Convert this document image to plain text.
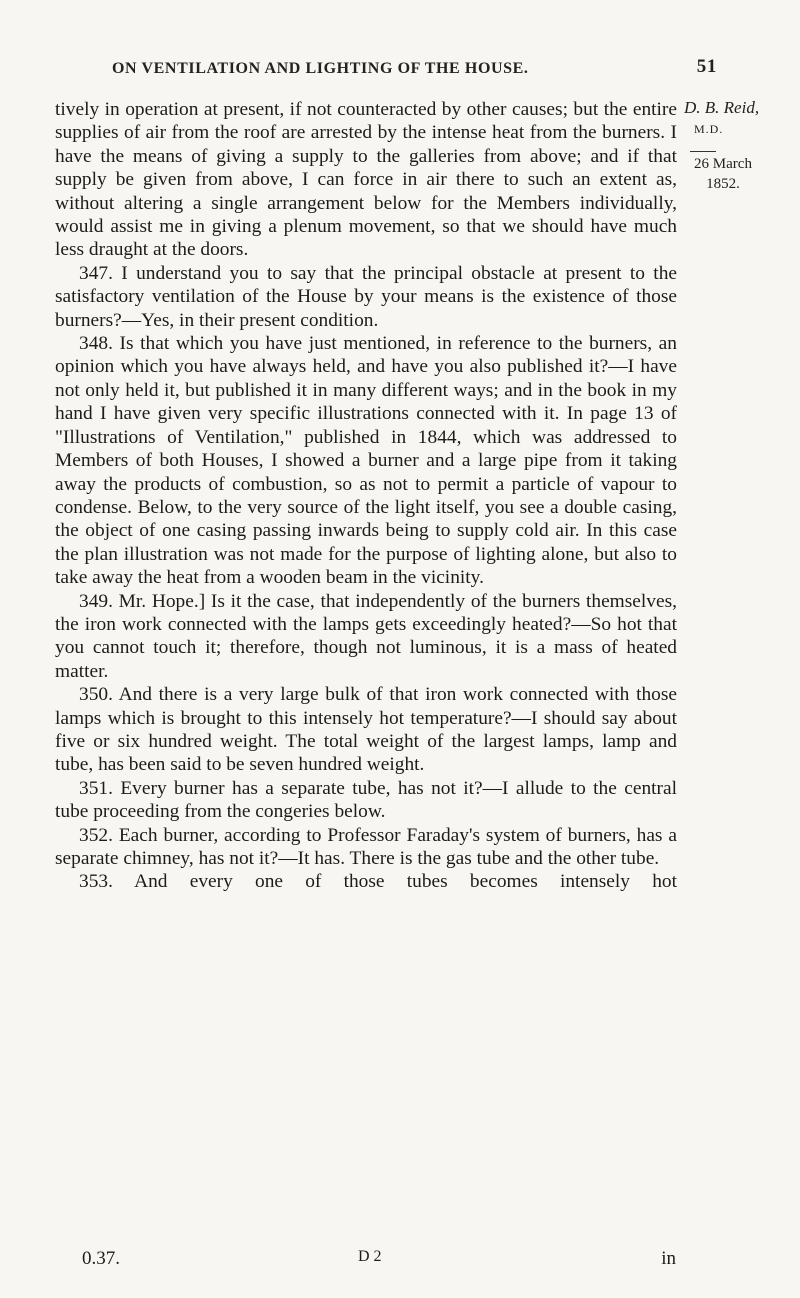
ON VENTILATION AND LIGHTING OF THE HOUSE.	51
D. B. Reid,
M.D.
26 March
1852.

tively in operation at present, if not counteracted by other causes; but the entire supplies of air from the roof are arrested by the intense heat from the burners. I have the means of giving a supply to the galleries from above; and if that supply be given from above, I can force in air there to such an extent as, without altering a single arrangement below for the Members individually, would assist me in giving a plenum movement, so that we should have much less draught at the doors.

347. I understand you to say that the principal obstacle at present to the satisfactory ventilation of the House by your means is the existence of those burners?—Yes, in their present condition.

348. Is that which you have just mentioned, in reference to the burners, an opinion which you have always held, and have you also published it?—I have not only held it, but published it in many different ways; and in the book in my hand I have given very specific illustrations connected with it. In page 13 of "Illustrations of Ventilation," published in 1844, which was addressed to Members of both Houses, I showed a burner and a large pipe from it taking away the products of combustion, so as not to permit a particle of vapour to condense. Below, to the very source of the light itself, you see a double casing, the object of one casing passing inwards being to supply cold air. In this case the plan illustration was not made for the purpose of lighting alone, but also to take away the heat from a wooden beam in the vicinity.

349. Mr. Hope.] Is it the case, that independently of the burners themselves, the iron work connected with the lamps gets exceedingly heated?—So hot that you cannot touch it; therefore, though not luminous, it is a mass of heated matter.

350. And there is a very large bulk of that iron work connected with those lamps which is brought to this intensely hot temperature?—I should say about five or six hundred weight. The total weight of the largest lamps, lamp and tube, has been said to be seven hundred weight.

351. Every burner has a separate tube, has not it?—I allude to the central tube proceeding from the congeries below.

352. Each burner, according to Professor Faraday's system of burners, has a separate chimney, has not it?—It has. There is the gas tube and the other tube.

353. And every one of those tubes becomes intensely hot

0.37.	D 2	in
